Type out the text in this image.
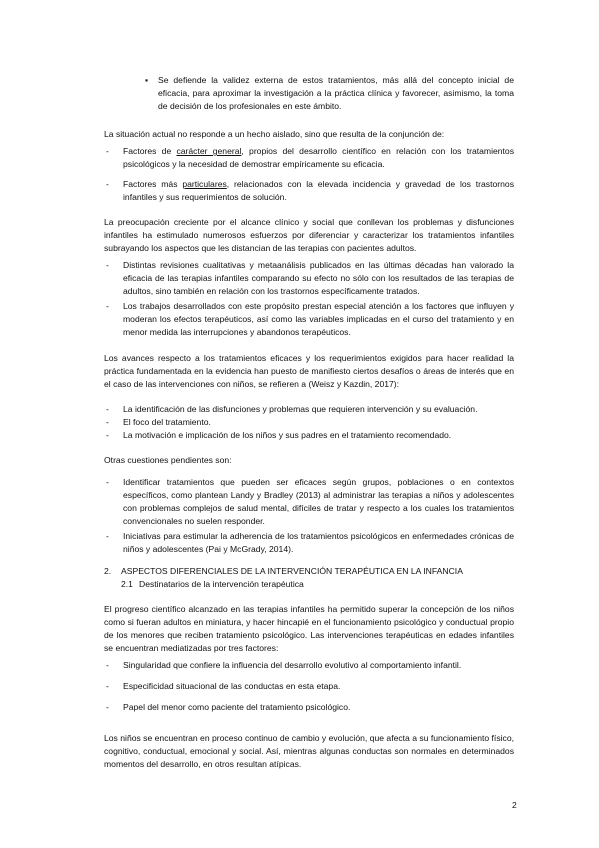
▪ Se defiende la validez externa de estos tratamientos, más allá del concepto inicial de eficacia, para aproximar la investigación a la práctica clínica y favorecer, asimismo, la toma de decisión de los profesionales en este ámbito.

La situación actual no responde a un hecho aislado, sino que resulta de la conjunción de:

- Factores de carácter general, propios del desarrollo científico en relación con los tratamientos psicológicos y la necesidad de demostrar empíricamente su eficacia.
- Factores más particulares, relacionados con la elevada incidencia y gravedad de los trastornos infantiles y sus requerimientos de solución.

La preocupación creciente por el alcance clínico y social que conllevan los problemas y disfunciones infantiles ha estimulado numerosos esfuerzos por diferenciar y caracterizar los tratamientos infantiles subrayando los aspectos que les distancian de las terapias con pacientes adultos.

- Distintas revisiones cualitativas y metaanálisis publicados en las últimas décadas han valorado la eficacia de las terapias infantiles comparando su efecto no sólo con los resultados de las terapias de adultos, sino también en relación con los trastornos específicamente tratados.
- Los trabajos desarrollados con este propósito prestan especial atención a los factores que influyen y moderan los efectos terapéuticos, así como las variables implicadas en el curso del tratamiento y en menor medida las interrupciones y abandonos terapéuticos.

Los avances respecto a los tratamientos eficaces y los requerimientos exigidos para hacer realidad la práctica fundamentada en la evidencia han puesto de manifiesto ciertos desafíos o áreas de interés que en el caso de las intervenciones con niños, se refieren a (Weisz y Kazdin, 2017):

- La identificación de las disfunciones y problemas que requieren intervención y su evaluación.
- El foco del tratamiento.
- La motivación e implicación de los niños y sus padres en el tratamiento recomendado.

Otras cuestiones pendientes son:

- Identificar tratamientos que pueden ser eficaces según grupos, poblaciones o en contextos específicos, como plantean Landy y Bradley (2013) al administrar las terapias a niños y adolescentes con problemas complejos de salud mental, difíciles de tratar y respecto a los cuales los tratamientos convencionales no suelen responder.
- Iniciativas para estimular la adherencia de los tratamientos psicológicos en enfermedades crónicas de niños y adolescentes (Pai y McGrady, 2014).
2. ASPECTOS DIFERENCIALES DE LA INTERVENCIÓN TERAPÉUTICA EN LA INFANCIA
2.1 Destinatarios de la intervención terapéutica

El progreso científico alcanzado en las terapias infantiles ha permitido superar la concepción de los niños como si fueran adultos en miniatura, y hacer hincapié en el funcionamiento psicológico y conductual propio de los menores que reciben tratamiento psicológico. Las intervenciones terapéuticas en edades infantiles se encuentran mediatizadas por tres factores:

- Singularidad que confiere la influencia del desarrollo evolutivo al comportamiento infantil.
- Especificidad situacional de las conductas en esta etapa.
- Papel del menor como paciente del tratamiento psicológico.

Los niños se encuentran en proceso continuo de cambio y evolución, que afecta a su funcionamiento físico, cognitivo, conductual, emocional y social. Así, mientras algunas conductas son normales en determinados momentos del desarrollo, en otros resultan atípicas.

2
